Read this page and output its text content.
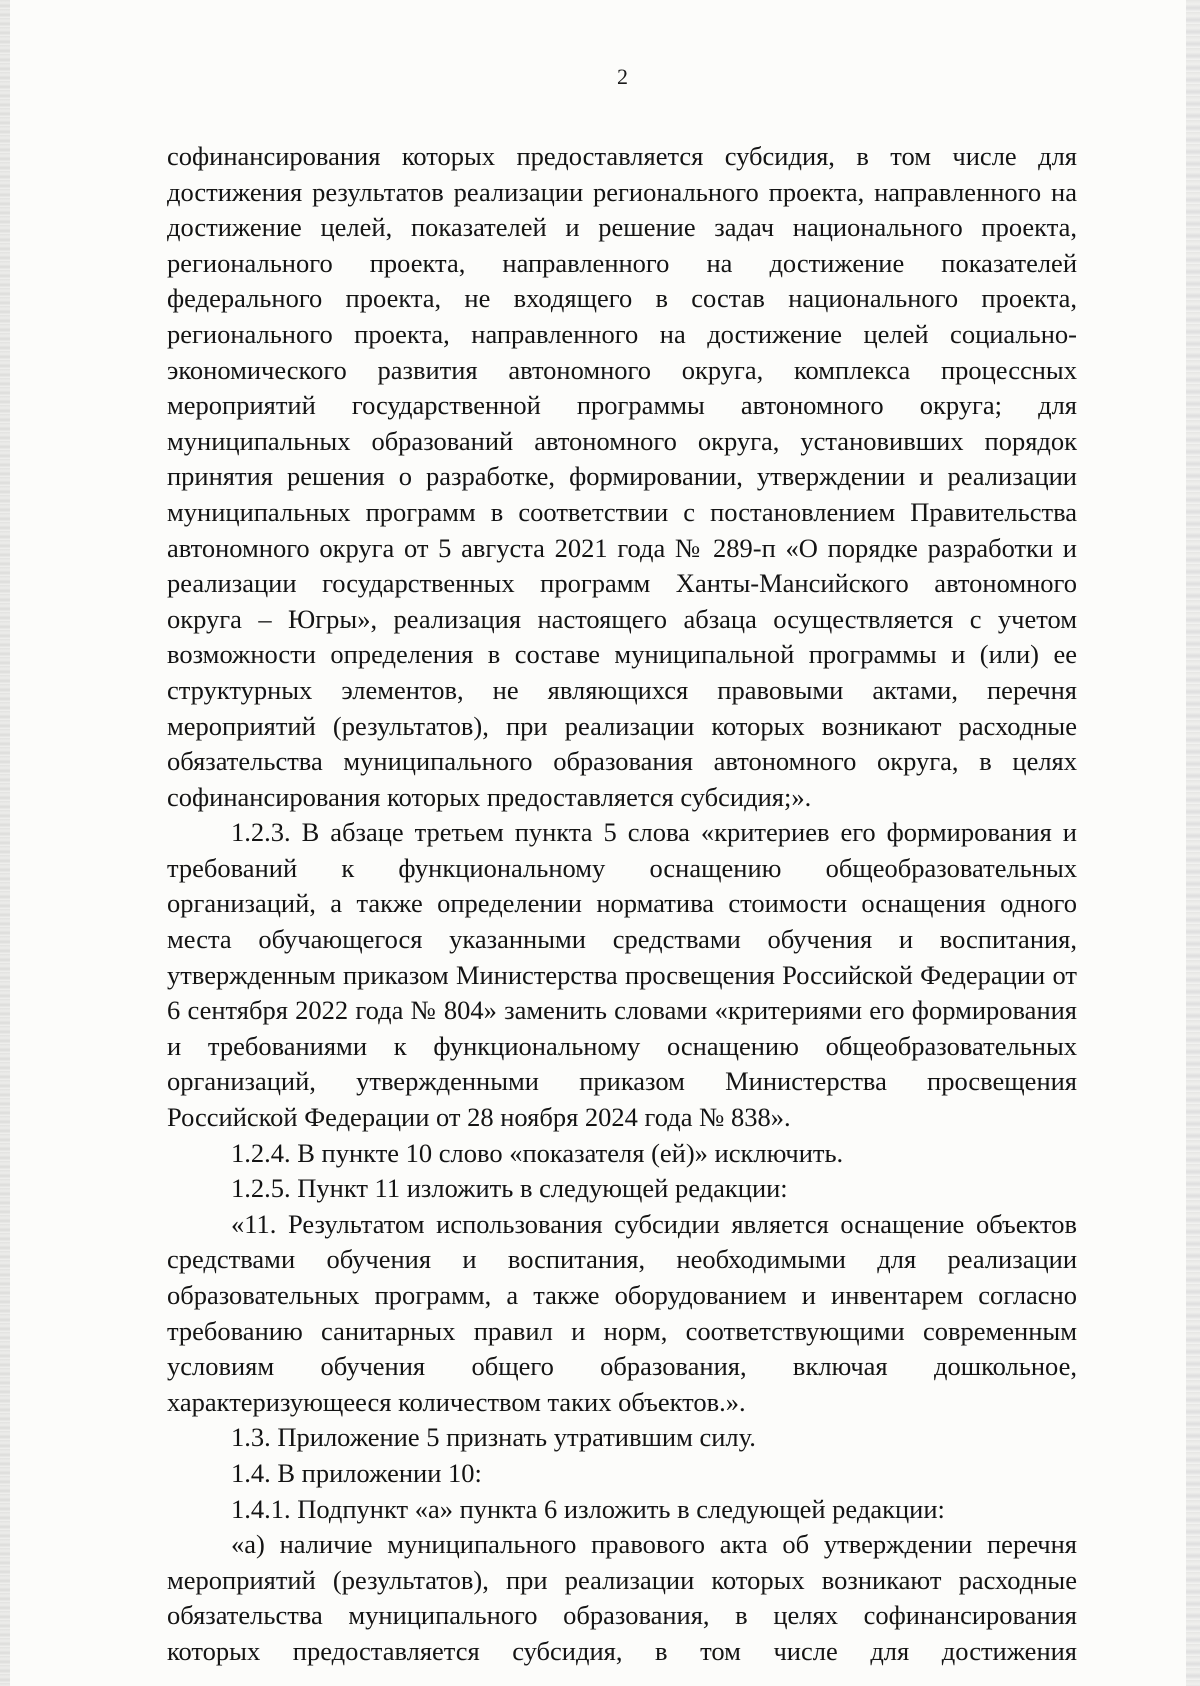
2

софинансирования которых предоставляется субсидия, в том числе для достижения результатов реализации регионального проекта, направленного на достижение целей, показателей и решение задач национального проекта, регионального проекта, направленного на достижение показателей федерального проекта, не входящего в состав национального проекта, регионального проекта, направленного на достижение целей социально-экономического развития автономного округа, комплекса процессных мероприятий государственной программы автономного округа; для муниципальных образований автономного округа, установивших порядок принятия решения о разработке, формировании, утверждении и реализации муниципальных программ в соответствии с постановлением Правительства автономного округа от 5 августа 2021 года № 289-п «О порядке разработки и реализации государственных программ Ханты-Мансийского автономного округа – Югры», реализация настоящего абзаца осуществляется с учетом возможности определения в составе муниципальной программы и (или) ее структурных элементов, не являющихся правовыми актами, перечня мероприятий (результатов), при реализации которых возникают расходные обязательства муниципального образования автономного округа, в целях софинансирования которых предоставляется субсидия;».

1.2.3. В абзаце третьем пункта 5 слова «критериев его формирования и требований к функциональному оснащению общеобразовательных организаций, а также определении норматива стоимости оснащения одного места обучающегося указанными средствами обучения и воспитания, утвержденным приказом Министерства просвещения Российской Федерации от 6 сентября 2022 года № 804» заменить словами «критериями его формирования и требованиями к функциональному оснащению общеобразовательных организаций, утвержденными приказом Министерства просвещения Российской Федерации от 28 ноября 2024 года № 838».

1.2.4. В пункте 10 слово «показателя (ей)» исключить.

1.2.5. Пункт 11 изложить в следующей редакции:

«11. Результатом использования субсидии является оснащение объектов средствами обучения и воспитания, необходимыми для реализации образовательных программ, а также оборудованием и инвентарем согласно требованию санитарных правил и норм, соответствующими современным условиям обучения общего образования, включая дошкольное, характеризующееся количеством таких объектов.».

1.3. Приложение 5 признать утратившим силу.

1.4. В приложении 10:

1.4.1. Подпункт «а» пункта 6 изложить в следующей редакции:

«а) наличие муниципального правового акта об утверждении перечня мероприятий (результатов), при реализации которых возникают расходные обязательства муниципального образования, в целях софинансирования которых предоставляется субсидия, в том числе для достижения
